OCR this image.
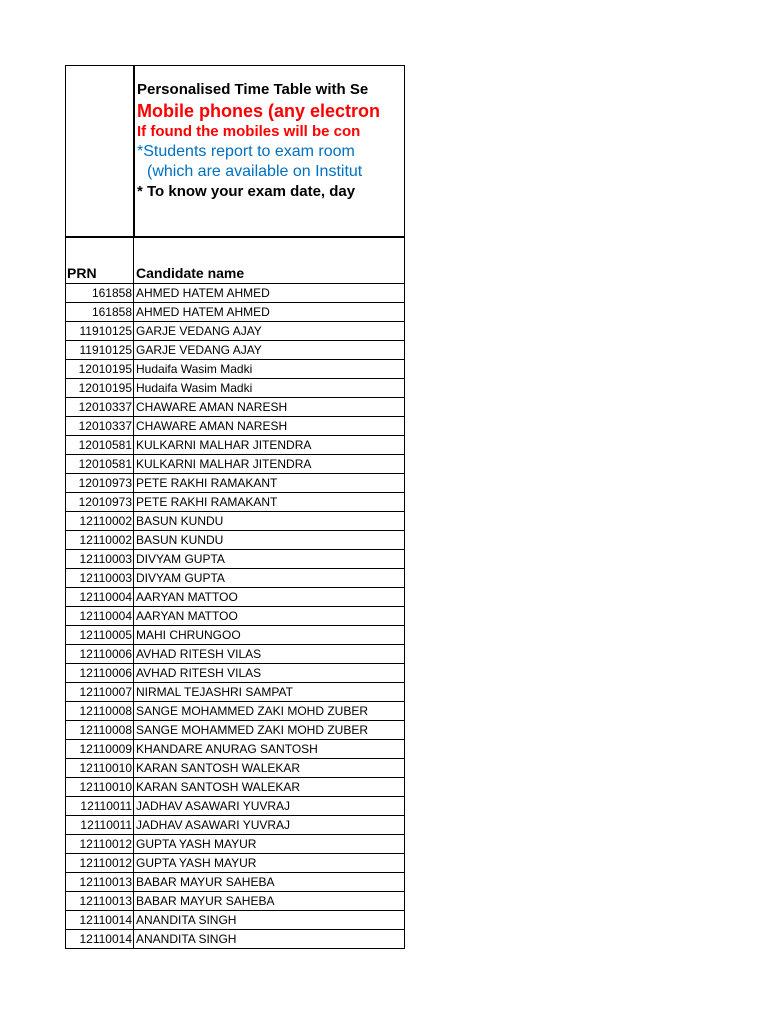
Personalised Time Table with Se
Mobile phones (any electron
If found the mobiles will be con
*Students report to exam room
(which are available on Institut
* To know your exam date, day
PRN	Candidate name
161858 AHMED HATEM AHMED
161858 AHMED HATEM AHMED
11910125 GARJE VEDANG AJAY
11910125 GARJE VEDANG AJAY
12010195 Hudaifa Wasim Madki
12010195 Hudaifa Wasim Madki
12010337 CHAWARE AMAN NARESH
12010337 CHAWARE AMAN NARESH
12010581 KULKARNI MALHAR JITENDRA
12010581 KULKARNI MALHAR JITENDRA
12010973 PETE RAKHI RAMAKANT
12010973 PETE RAKHI RAMAKANT
12110002 BASUN KUNDU
12110002 BASUN KUNDU
12110003 DIVYAM GUPTA
12110003 DIVYAM GUPTA
12110004 AARYAN MATTOO
12110004 AARYAN MATTOO
12110005 MAHI CHRUNGOO
12110006 AVHAD RITESH VILAS
12110006 AVHAD RITESH VILAS
12110007 NIRMAL TEJASHRI SAMPAT
12110008 SANGE MOHAMMED ZAKI MOHD ZUBER
12110008 SANGE MOHAMMED ZAKI MOHD ZUBER
12110009 KHANDARE ANURAG SANTOSH
12110010 KARAN SANTOSH WALEKAR
12110010 KARAN SANTOSH WALEKAR
12110011 JADHAV ASAWARI YUVRAJ
12110011 JADHAV ASAWARI YUVRAJ
12110012 GUPTA YASH MAYUR
12110012 GUPTA YASH MAYUR
12110013 BABAR MAYUR SAHEBA
12110013 BABAR MAYUR SAHEBA
12110014 ANANDITA SINGH
12110014 ANANDITA SINGH
